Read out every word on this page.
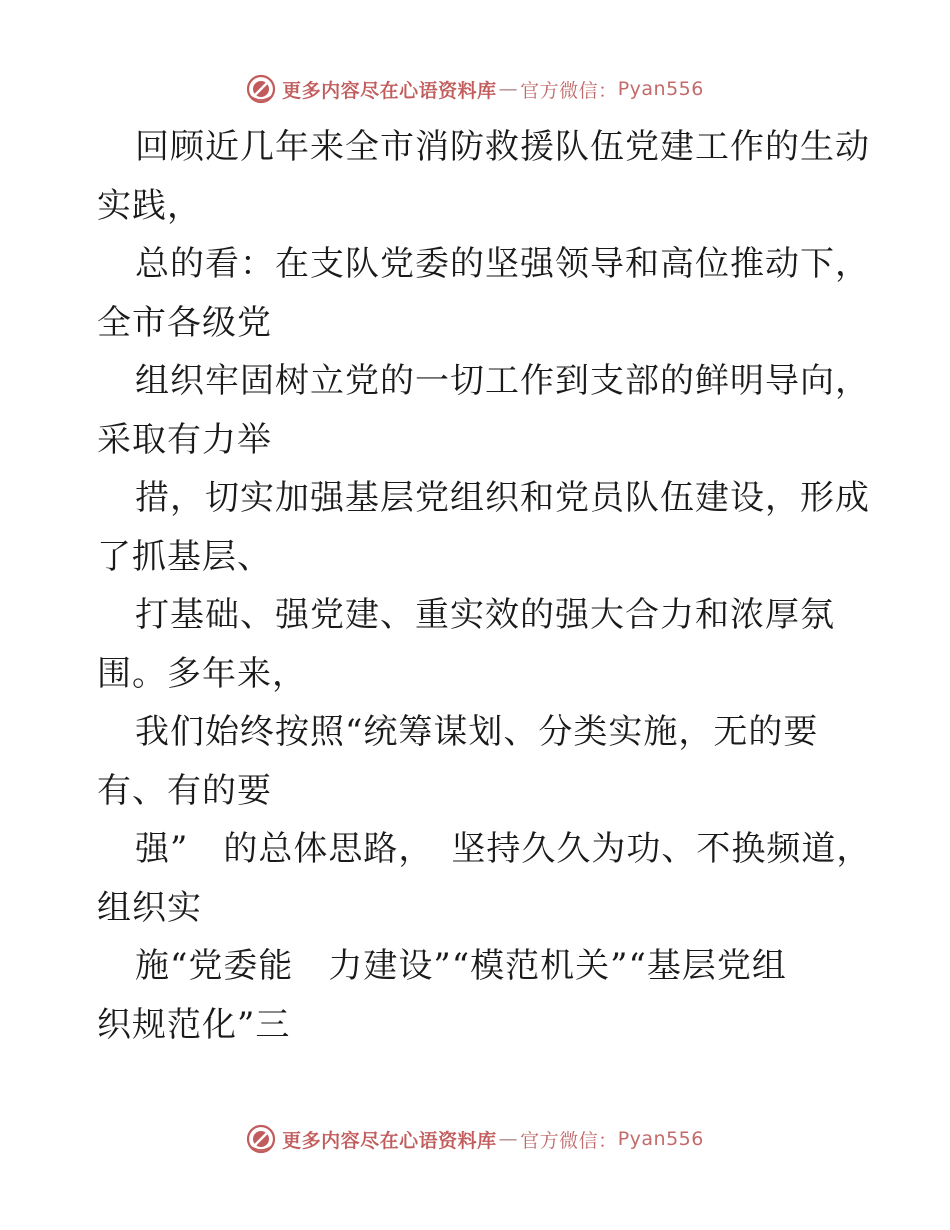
更多内容尽在心语资料库 — 官方微信： Pyan556
回顾近几年来全市消防救援队伍党建工作的生动
实践，
总的看：在支队党委的坚强领导和高位推动下，
全市各级党
组织牢固树立党的一切工作到支部的鲜明导向，
采取有力举
措，切实加强基层党组织和党员队伍建设，形成
了抓基层、
打基础、强党建、重实效的强大合力和浓厚氛
围。多年来，
我们始终按照“统筹谋划、分类实施，无的要
有、有的要
强”　的总体思路，　坚持久久为功、不换频道，
组织实
施“党委能　力建设”“模范机关”“基层党组
织规范化”三
更多内容尽在心语资料库 — 官方微信： Pyan556
